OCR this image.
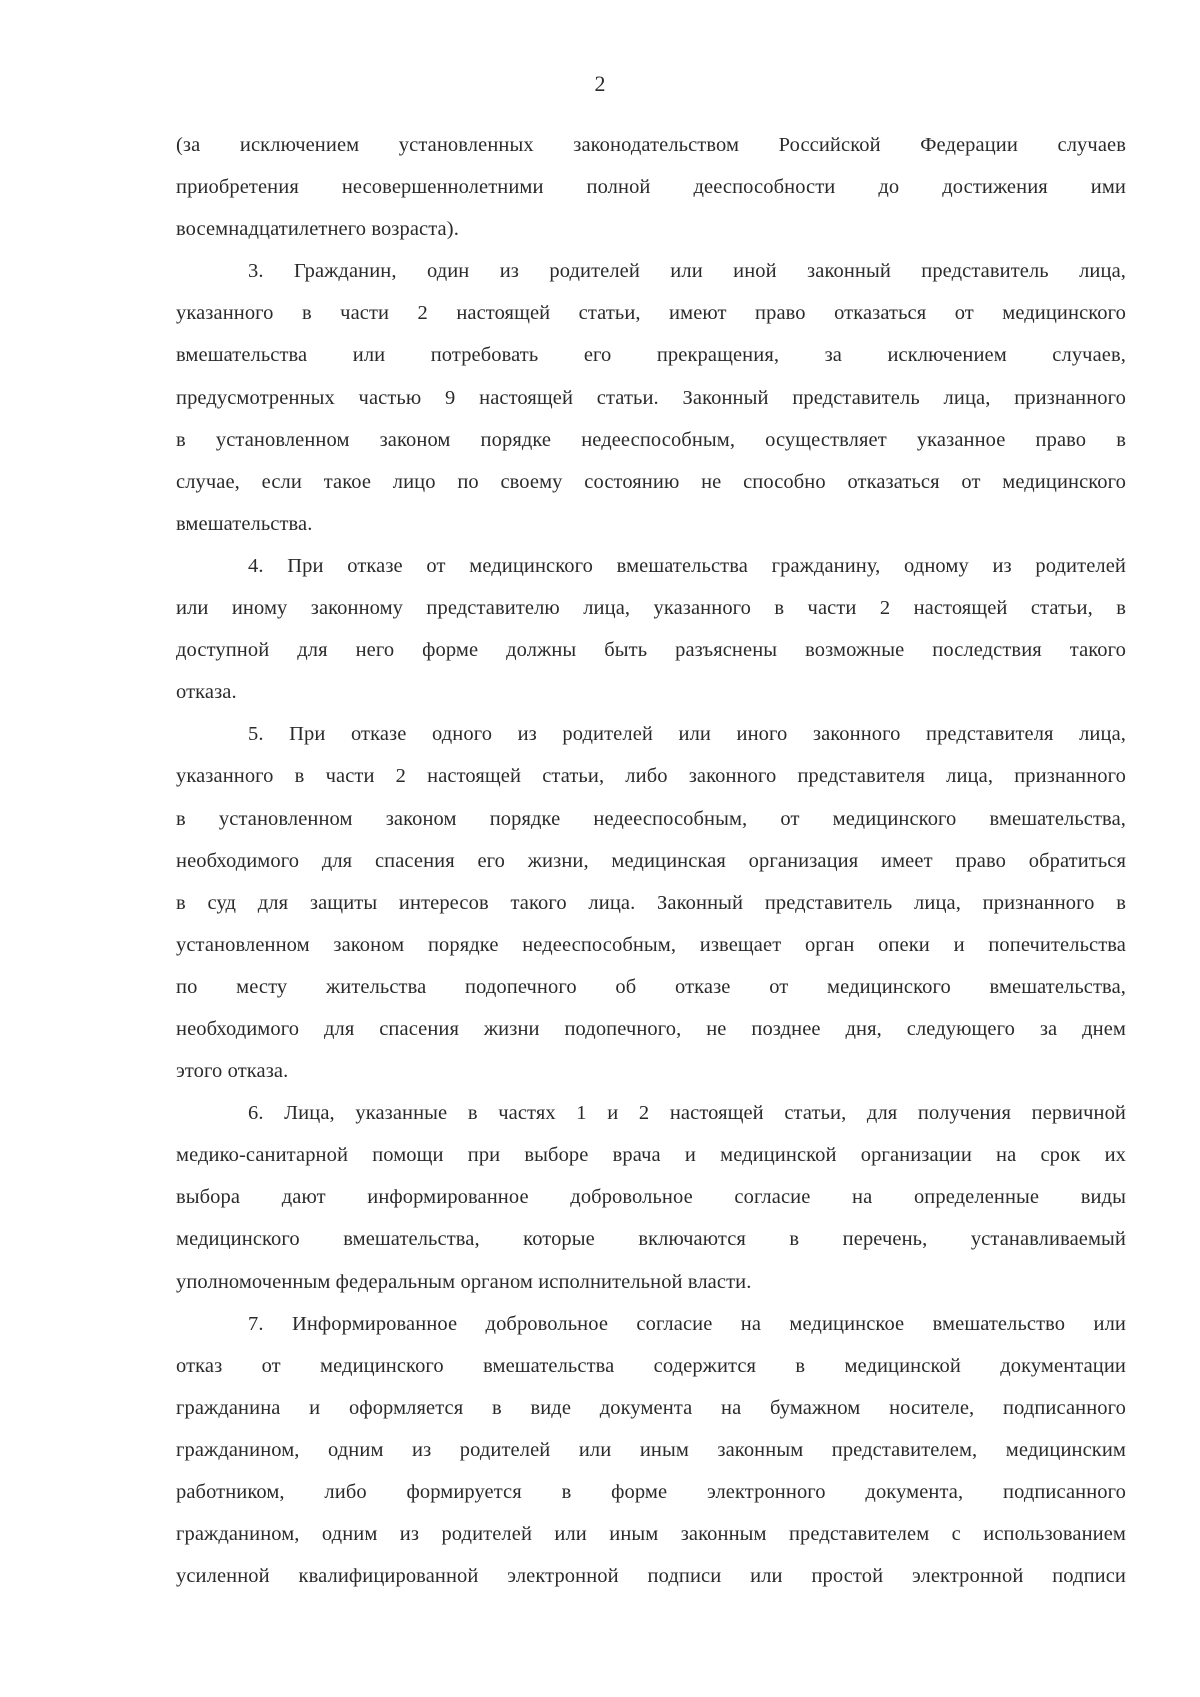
2
(за исключением установленных законодательством Российской Федерации случаев
приобретения несовершеннолетними полной дееспособности до достижения ими
восемнадцатилетнего возраста).
3. Гражданин, один из родителей или иной законный представитель лица,
указанного в части 2 настоящей статьи, имеют право отказаться от медицинского
вмешательства или потребовать его прекращения, за исключением случаев,
предусмотренных частью 9 настоящей статьи. Законный представитель лица, признанного
в установленном законом порядке недееспособным, осуществляет указанное право в
случае, если такое лицо по своему состоянию не способно отказаться от медицинского
вмешательства.
4. При отказе от медицинского вмешательства гражданину, одному из родителей
или иному законному представителю лица, указанного в части 2 настоящей статьи, в
доступной для него форме должны быть разъяснены возможные последствия такого
отказа.
5. При отказе одного из родителей или иного законного представителя лица,
указанного в части 2 настоящей статьи, либо законного представителя лица, признанного
в установленном законом порядке недееспособным, от медицинского вмешательства,
необходимого для спасения его жизни, медицинская организация имеет право обратиться
в суд для защиты интересов такого лица. Законный представитель лица, признанного в
установленном законом порядке недееспособным, извещает орган опеки и попечительства
по месту жительства подопечного об отказе от медицинского вмешательства,
необходимого для спасения жизни подопечного, не позднее дня, следующего за днем
этого отказа.
6. Лица, указанные в частях 1 и 2 настоящей статьи, для получения первичной
медико-санитарной помощи при выборе врача и медицинской организации на срок их
выбора дают информированное добровольное согласие на определенные виды
медицинского вмешательства, которые включаются в перечень, устанавливаемый
уполномоченным федеральным органом исполнительной власти.
7. Информированное добровольное согласие на медицинское вмешательство или
отказ от медицинского вмешательства содержится в медицинской документации
гражданина и оформляется в виде документа на бумажном носителе, подписанного
гражданином, одним из родителей или иным законным представителем, медицинским
работником, либо формируется в форме электронного документа, подписанного
гражданином, одним из родителей или иным законным представителем с использованием
усиленной квалифицированной электронной подписи или простой электронной подписи
